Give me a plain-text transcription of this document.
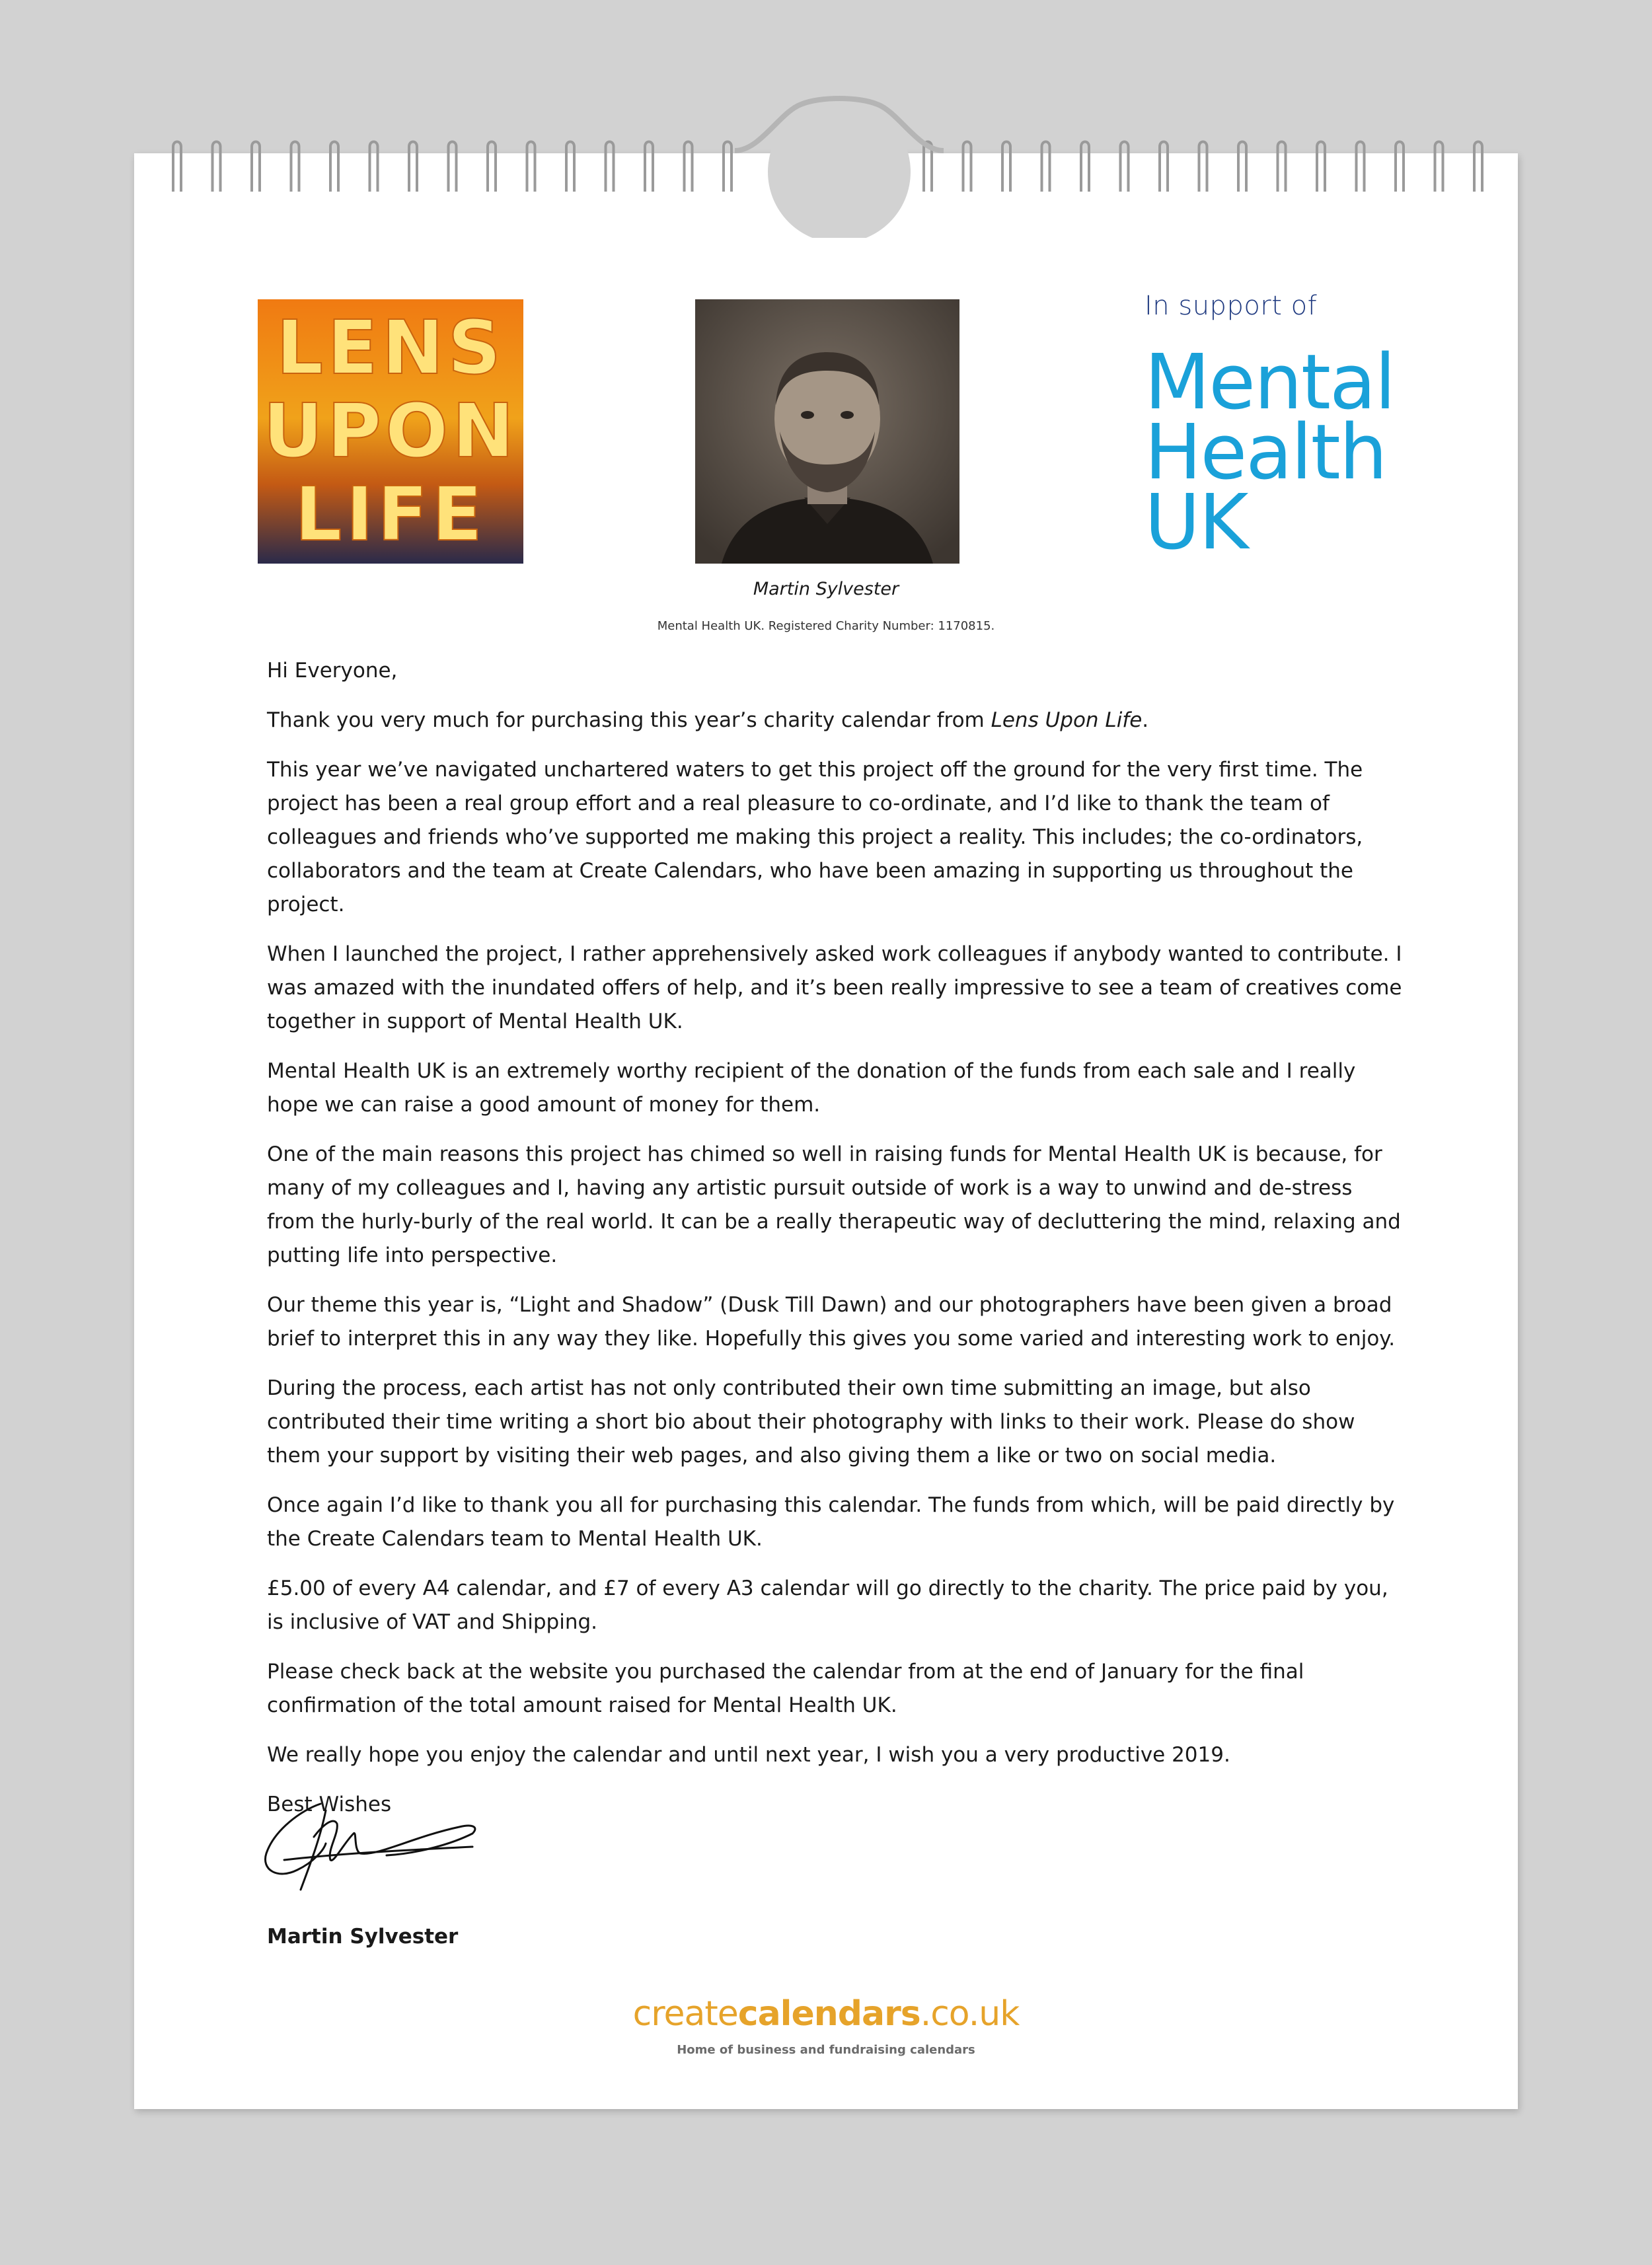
LENS
UPON
LIFE
In support of
Mental
Health
UK
Martin Sylvester
Mental Health UK. Registered Charity Number: 1170815.

Hi Everyone,

Thank you very much for purchasing this year’s charity calendar from Lens Upon Life.

This year we’ve navigated unchartered waters to get this project off the ground for the very first time. The project has been a real group effort and a real pleasure to co-ordinate, and I’d like to thank the team of colleagues and friends who’ve supported me making this project a reality. This includes; the co-ordinators, collaborators and the team at Create Calendars, who have been amazing in supporting us throughout the project.

When I launched the project, I rather apprehensively asked work colleagues if anybody wanted to contribute. I was amazed with the inundated offers of help, and it’s been really impressive to see a team of creatives come together in support of Mental Health UK.

Mental Health UK is an extremely worthy recipient of the donation of the funds from each sale and I really hope we can raise a good amount of money for them.

One of the main reasons this project has chimed so well in raising funds for Mental Health UK is because, for many of my colleagues and I, having any artistic pursuit outside of work is a way to unwind and de-stress from the hurly-burly of the real world. It can be a really therapeutic way of decluttering the mind, relaxing and putting life into perspective.

Our theme this year is, “Light and Shadow” (Dusk Till Dawn) and our photographers have been given a broad brief to interpret this in any way they like. Hopefully this gives you some varied and interesting work to enjoy.

During the process, each artist has not only contributed their own time submitting an image, but also contributed their time writing a short bio about their photography with links to their work. Please do show them your support by visiting their web pages, and also giving them a like or two on social media.

Once again I’d like to thank you all for purchasing this calendar. The funds from which, will be paid directly by the Create Calendars team to Mental Health UK.

£5.00 of every A4 calendar, and £7 of every A3 calendar will go directly to the charity. The price paid by you, is inclusive of VAT and Shipping.

Please check back at the website you purchased the calendar from at the end of January for the final confirmation of the total amount raised for Mental Health UK.

We really hope you enjoy the calendar and until next year, I wish you a very productive 2019.

Best Wishes

Martin Sylvester
createcalendars.co.uk
Home of business and fundraising calendars
